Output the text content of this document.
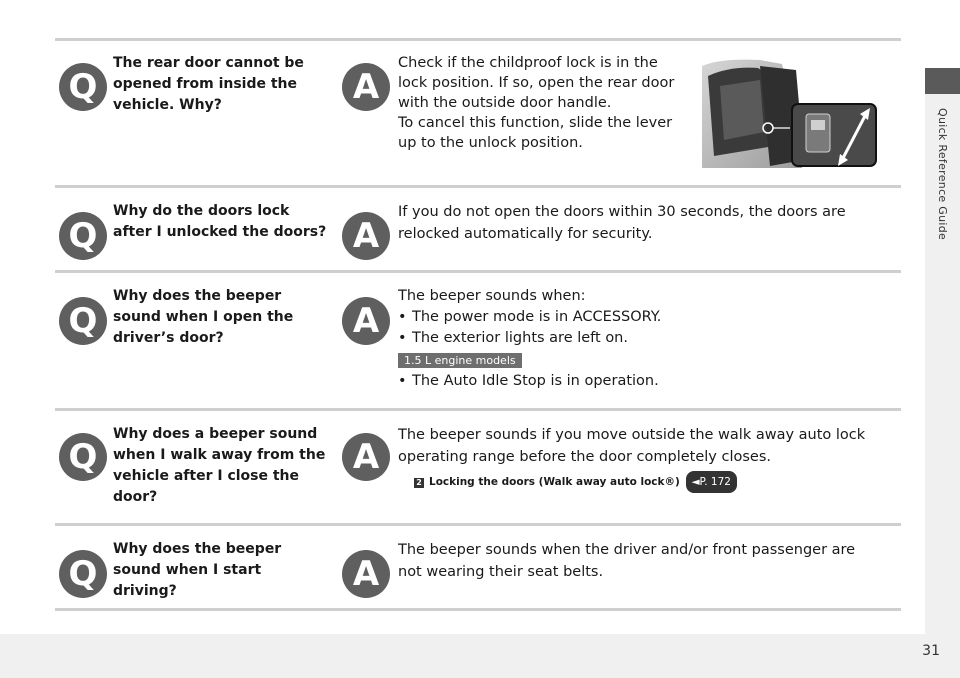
Quick Reference Guide
Q
The rear door cannot be opened from inside the vehicle. Why?	A
Check if the childproof lock is in the
lock position. If so, open the rear door
with the outside door handle.
To cancel this function, slide the lever
up to the unlock position.
Q
Why do the doors lock after I unlocked the doors? A
If you do not open the doors within 30 seconds, the doors are
relocked automatically for security.
Q
Why does the beeper sound when I open the driver’s door?	A
The beeper sounds when:
• The power mode is in ACCESSORY.
• The exterior lights are left on.
1.5 L engine models
• The Auto Idle Stop is in operation.
Q
Why does a beeper sound when I walk away from the vehicle after I close the door?
A
The beeper sounds if you move outside the walk away auto lock
operating range before the door completely closes.
2 Locking the doors (Walk away auto lock®) ◄P. 172
Q
Why does the beeper sound when I start driving?	A
The beeper sounds when the driver and/or front passenger are
not wearing their seat belts.
31
